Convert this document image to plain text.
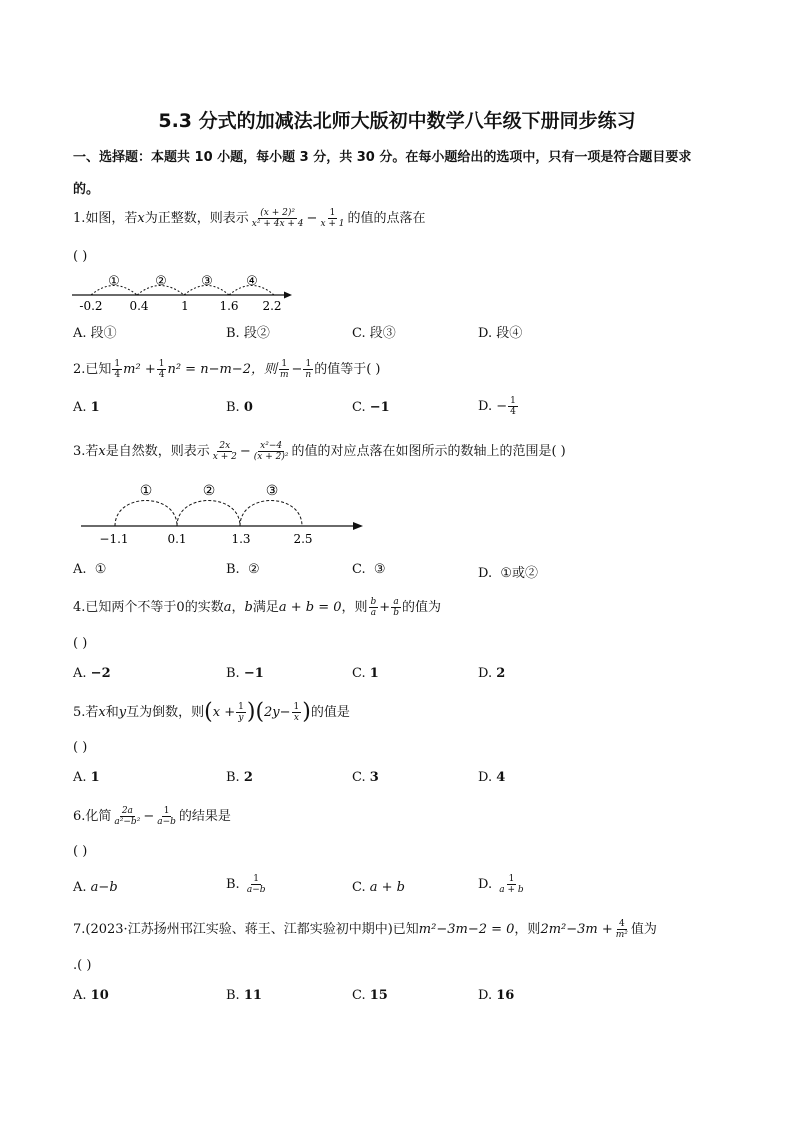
5.3 分式的加减法北师大版初中数学八年级下册同步练习
一、选择题：本题共 10 小题，每小题 3 分，共 30 分。在每小题给出的选项中，只有一项是符合题目要求
的。
1.如图，若x为正整数，则表示 $\frac{\text{(x + 2)²}}{\text{x² + 4x + 4}} - \frac{1}{x + 1}$ 的值的点落在
( )
①	②	③	④
-0.2 0.4	1	1.6 2.2
A. 段①	B. 段②	C. 段③	D. 段④
2.已知 $\frac{1}{4} m^2 + \frac{1}{4} n^2 = n-m-2$，则 $\frac{1}{m} - \frac{1}{n}$ 的值等于( )
A. 1	B. 0	C. −1	D. − $\frac{1}{4}$
3.若x是自然数，则表示 $\frac{2x}{x + 2} - \frac{\text{x²−4}}{\text{(x + 2)²}}$ 的值的对应点落在如图所示的数轴上的范围是( )
①	②	③
−1.1	0.1	1.3	2.5
A. ①	B. ②	C. ③	D. ①或②
4.已知两个不等于0的实数a，b满足a + b = 0，则 $\frac{b}{a} + \frac{a}{b}$ 的值为
( )
A. −2	B. −1	C. 1	D. 2
5.若x和y互为倒数，则$(x + \frac{1}{y} )(2y- \frac{1}{x}$ )的值是
( )
A. 1	B. 2	C. 3	D. 4
6.化简 $\frac{2a}{\text{a²−b²}} - \frac{1}{a-b}$ 的结果是
( )
A. a−b	B. $\frac{1}{a-b}$	C. a + b	D. $\frac{1}{a + b}$
7.(2023·江苏扬州邗江实验、蒋王、江都实验初中期中)已知m²−3m−2 = 0，则$2m^2-3m + \frac{4}{\text{m²}}$ 值为
.( )
A. 10	B. 11	C. 15	D. 16
